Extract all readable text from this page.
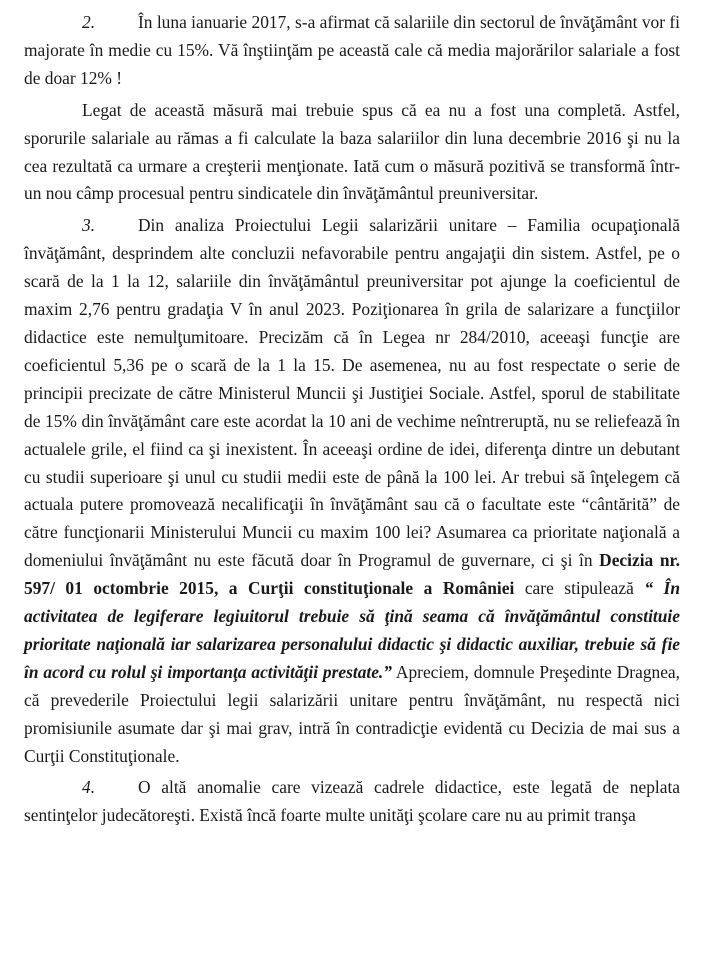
2. În luna ianuarie 2017, s-a afirmat că salariile din sectorul de învăţământ vor fi majorate în medie cu 15%. Vă înştiinţăm pe această cale că media majorărilor salariale a fost de doar 12% !

Legat de această măsură mai trebuie spus că ea nu a fost una completă. Astfel, sporurile salariale au rămas a fi calculate la baza salariilor din luna decembrie 2016 şi nu la cea rezultată ca urmare a creşterii menţionate. Iată cum o măsură pozitivă se transformă într-un nou câmp procesual pentru sindicatele din învăţământul preuniversitar.

3. Din analiza Proiectului Legii salarizării unitare – Familia ocupaţională învăţământ, desprindem alte concluzii nefavorabile pentru angajaţii din sistem. Astfel, pe o scară de la 1 la 12, salariile din învăţământul preuniversitar pot ajunge la coeficientul de maxim 2,76 pentru gradaţia V în anul 2023. Poziţionarea în grila de salarizare a funcţiilor didactice este nemulţumitoare. Precizăm că în Legea nr 284/2010, aceeaşi funcţie are coeficientul 5,36 pe o scară de la 1 la 15. De asemenea, nu au fost respectate o serie de principii precizate de către Ministerul Muncii şi Justiţiei Sociale. Astfel, sporul de stabilitate de 15% din învăţământ care este acordat la 10 ani de vechime neîntreruptă, nu se reliefează în actualele grile, el fiind ca şi inexistent. În aceeaşi ordine de idei, diferenţa dintre un debutant cu studii superioare şi unul cu studii medii este de până la 100 lei. Ar trebui să înţelegem că actuala putere promovează necalificaţii în învăţământ sau că o facultate este “cântărită” de către funcţionarii Ministerului Muncii cu maxim 100 lei? Asumarea ca prioritate naţională a domeniului învăţământ nu este făcută doar în Programul de guvernare, ci şi în Decizia nr. 597/ 01 octombrie 2015, a Curţii constituţionale a României care stipulează “ În activitatea de legiferare legiuitorul trebuie să ţină seama că învăţământul constituie prioritate naţională iar salarizarea personalului didactic şi didactic auxiliar, trebuie să fie în acord cu rolul şi importanţa activităţii prestate.” Apreciem, domnule Preşedinte Dragnea, că prevederile Proiectului legii salarizării unitare pentru învăţământ, nu respectă nici promisiunile asumate dar şi mai grav, intră în contradicţie evidentă cu Decizia de mai sus a Curţii Constituţionale.

4. O altă anomalie care vizează cadrele didactice, este legată de neplata sentinţelor judecătoreşti. Există încă foarte multe unităţi şcolare care nu au primit tranşa
